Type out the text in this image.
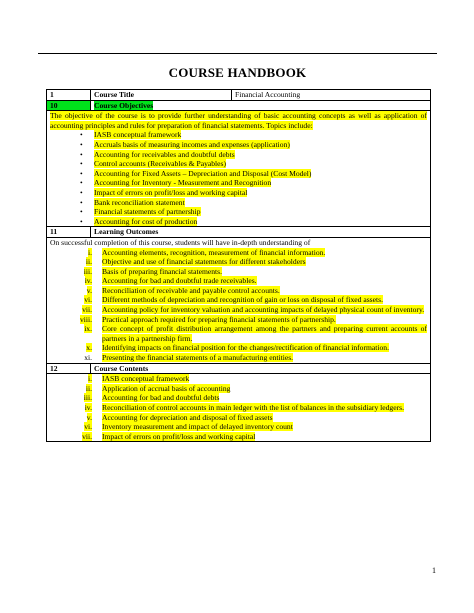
COURSE HANDBOOK
1	Course Title	Financial Accounting
10	Course Objectives
The objective of the course is to provide further understanding of basic accounting concepts as well as application of accounting principles and rules for preparation of financial statements. Topics include:
• IASB conceptual framework
• Accruals basis of measuring incomes and expenses (application)
• Accounting for receivables and doubtful debts
• Control accounts (Receivables & Payables)
• Accounting for Fixed Assets – Depreciation and Disposal (Cost Model)
• Accounting for Inventory - Measurement and Recognition
• Impact of errors on profit/loss and working capital
• Bank reconciliation statement
• Financial statements of partnership
• Accounting for cost of production
11	Learning Outcomes
On successful completion of this course, students will have in-depth understanding of
i.	Accounting elements, recognition, measurement of financial information.
ii.	Objective and use of financial statements for different stakeholders
iii.	Basis of preparing financial statements.
iv.	Accounting for bad and doubtful trade receivables.
v.	Reconciliation of receivable and payable control accounts.
vi.	Different methods of depreciation and recognition of gain or loss on disposal of fixed assets.
vii.	Accounting policy for inventory valuation and accounting impacts of delayed physical count of inventory.
viii.	Practical approach required for preparing financial statements of partnership.
ix.	Core concept of profit distribution arrangement among the partners and preparing current accounts of partners in a partnership firm.
x.	Identifying impacts on financial position for the changes/rectification of financial information.
xi.	Presenting the financial statements of a manufacturing entities.
12	Course Contents
i.	IASB conceptual framework
ii.	Application of accrual basis of accounting
iii.	Accounting for bad and doubtful debts
iv.	Reconciliation of control accounts in main ledger with the list of balances in the subsidiary ledgers.
v.	Accounting for depreciation and disposal of fixed assets
vi.	Inventory measurement and impact of delayed inventory count
vii.	Impact of errors on profit/loss and working capital
1
